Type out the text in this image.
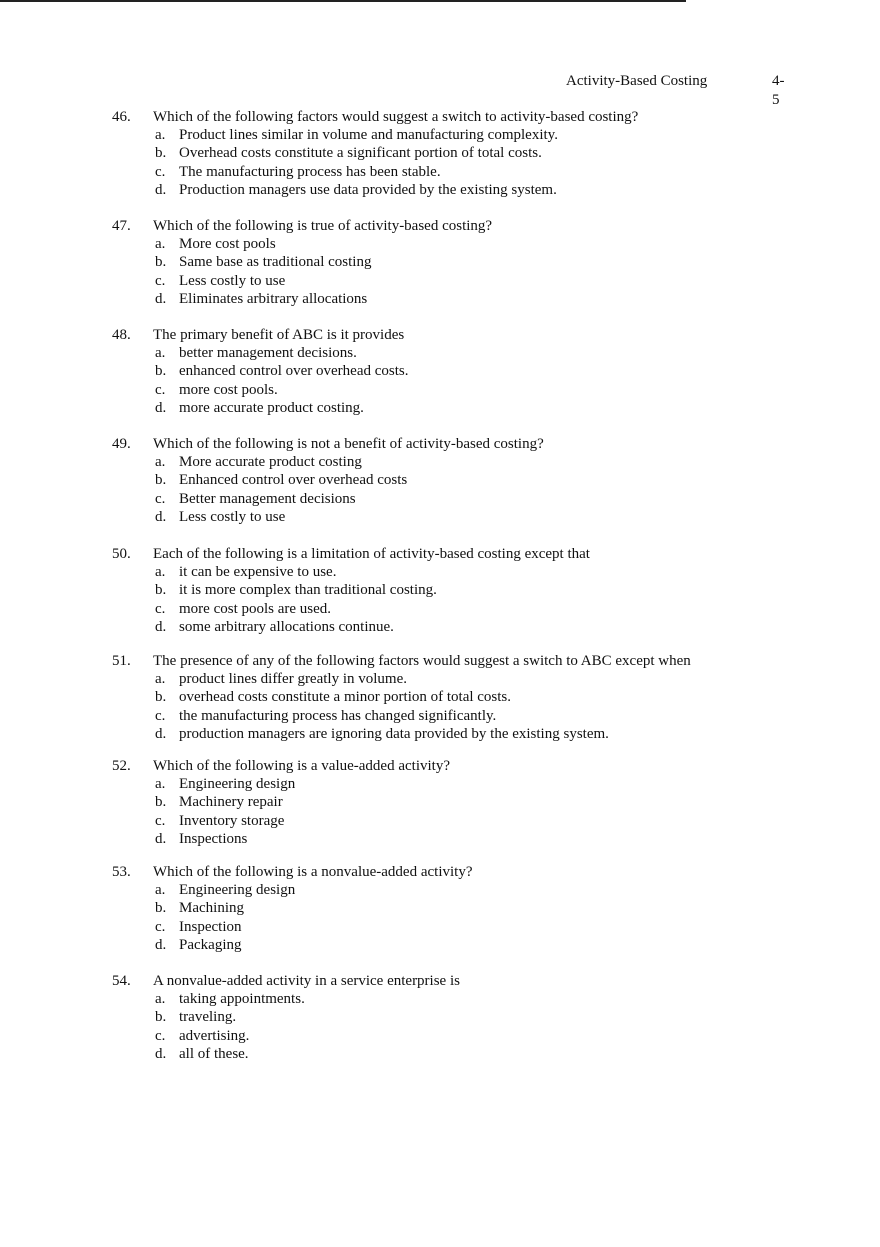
Activity-Based Costing	4-
5
46. Which of the following factors would suggest a switch to activity-based costing?
a. Product lines similar in volume and manufacturing complexity.
b. Overhead costs constitute a significant portion of total costs.
c. The manufacturing process has been stable.
d. Production managers use data provided by the existing system.
47. Which of the following is true of activity-based costing?
a. More cost pools
b. Same base as traditional costing
c. Less costly to use
d. Eliminates arbitrary allocations
48. The primary benefit of ABC is it provides
a. better management decisions.
b. enhanced control over overhead costs.
c. more cost pools.
d. more accurate product costing.
49. Which of the following is not a benefit of activity-based costing?
a. More accurate product costing
b. Enhanced control over overhead costs
c. Better management decisions
d. Less costly to use
50. Each of the following is a limitation of activity-based costing except that
a. it can be expensive to use.
b. it is more complex than traditional costing.
c. more cost pools are used.
d. some arbitrary allocations continue.
51. The presence of any of the following factors would suggest a switch to ABC except when
a. product lines differ greatly in volume.
b. overhead costs constitute a minor portion of total costs.
c. the manufacturing process has changed significantly.
d. production managers are ignoring data provided by the existing system.
52. Which of the following is a value-added activity?
a. Engineering design
b. Machinery repair
c. Inventory storage
d. Inspections
53. Which of the following is a nonvalue-added activity?
a. Engineering design
b. Machining
c. Inspection
d. Packaging
54. A nonvalue-added activity in a service enterprise is
a. taking appointments.
b. traveling.
c. advertising.
d. all of these.
